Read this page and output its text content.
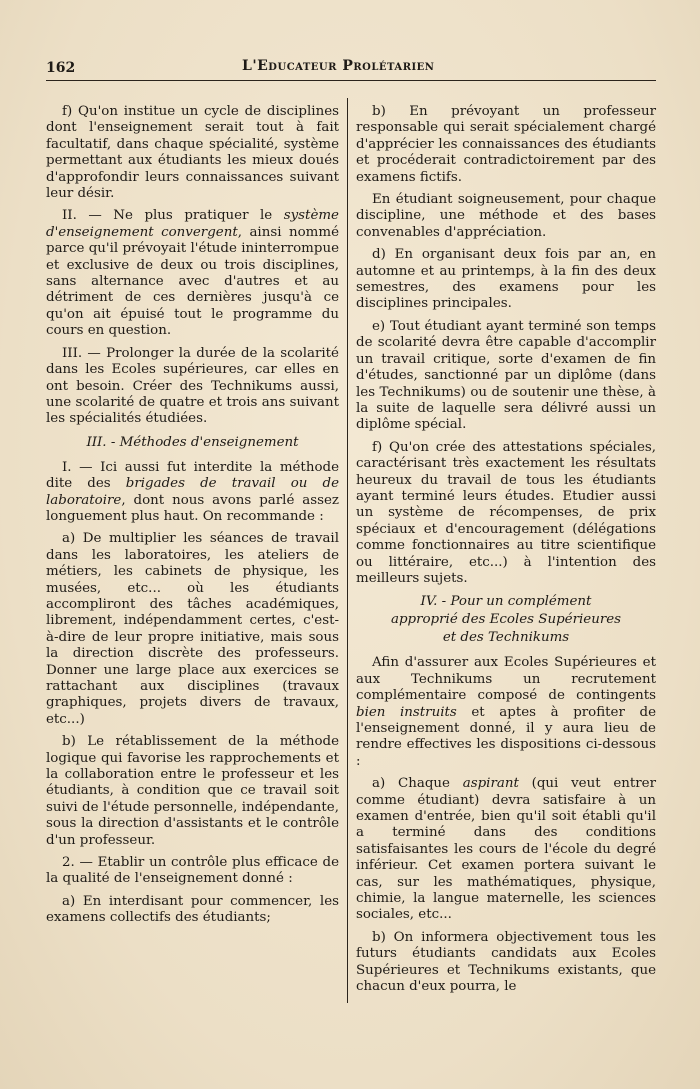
162	L'Educateur Prolétarien

f) Qu'on institue un cycle de disciplines dont l'enseignement serait tout à fait facultatif, dans chaque spécialité, système permettant aux étudiants les mieux doués d'approfondir leurs connaissances suivant leur désir.

II. — Ne plus pratiquer le système d'enseignement convergent, ainsi nommé parce qu'il prévoyait l'étude ininterrompue et exclusive de deux ou trois disciplines, sans alternance avec d'autres et au détriment de ces dernières jusqu'à ce qu'on ait épuisé tout le programme du cours en question.

III. — Prolonger la durée de la scolarité dans les Ecoles supérieures, car elles en ont besoin. Créer des Technikums aussi, une scolarité de quatre et trois ans suivant les spécialités étudiées.

III. - Méthodes d'enseignement

I. — Ici aussi fut interdite la méthode dite des brigades de travail ou de laboratoire, dont nous avons parlé assez longuement plus haut. On recommande :

a) De multiplier les séances de travail dans les laboratoires, les ateliers de métiers, les cabinets de physique, les musées, etc... où les étudiants accompliront des tâches académiques, librement, indépendamment certes, c'est-à-dire de leur propre initiative, mais sous la direction discrète des professeurs. Donner une large place aux exercices se rattachant aux disciplines (travaux graphiques, projets divers de travaux, etc...)

b) Le rétablissement de la méthode logique qui favorise les rapprochements et la collaboration entre le professeur et les étudiants, à condition que ce travail soit suivi de l'étude personnelle, indépendante, sous la direction d'assistants et le contrôle d'un professeur.

2. — Etablir un contrôle plus efficace de la qualité de l'enseignement donné :

a) En interdisant pour commencer, les examens collectifs des étudiants;

b) En prévoyant un professeur responsable qui serait spécialement chargé d'apprécier les connaissances des étudiants et procéderait contradictoirement par des examens fictifs.

En étudiant soigneusement, pour chaque discipline, une méthode et des bases convenables d'appréciation.

d) En organisant deux fois par an, en automne et au printemps, à la fin des deux semestres, des examens pour les disciplines principales.

e) Tout étudiant ayant terminé son temps de scolarité devra être capable d'accomplir un travail critique, sorte d'examen de fin d'études, sanctionné par un diplôme (dans les Technikums) ou de soutenir une thèse, à la suite de laquelle sera délivré aussi un diplôme spécial.

f) Qu'on crée des attestations spéciales, caractérisant très exactement les résultats heureux du travail de tous les étudiants ayant terminé leurs études. Etudier aussi un système de récompenses, de prix spéciaux et d'encouragement (délégations comme fonctionnaires au titre scientifique ou littéraire, etc...) à l'intention des meilleurs sujets.

IV. - Pour un complément
approprié des Ecoles Supérieures
et des Technikums

Afin d'assurer aux Ecoles Supérieures et aux Technikums un recrutement complémentaire composé de contingents bien instruits et aptes à profiter de l'enseignement donné, il y aura lieu de rendre effectives les dispositions ci-dessous :

a) Chaque aspirant (qui veut entrer comme étudiant) devra satisfaire à un examen d'entrée, bien qu'il soit établi qu'il a terminé dans des conditions satisfaisantes les cours de l'école du degré inférieur. Cet examen portera suivant le cas, sur les mathématiques, physique, chimie, la langue maternelle, les sciences sociales, etc...

b) On informera objectivement tous les futurs étudiants candidats aux Ecoles Supérieures et Technikums existants, que chacun d'eux pourra, le
